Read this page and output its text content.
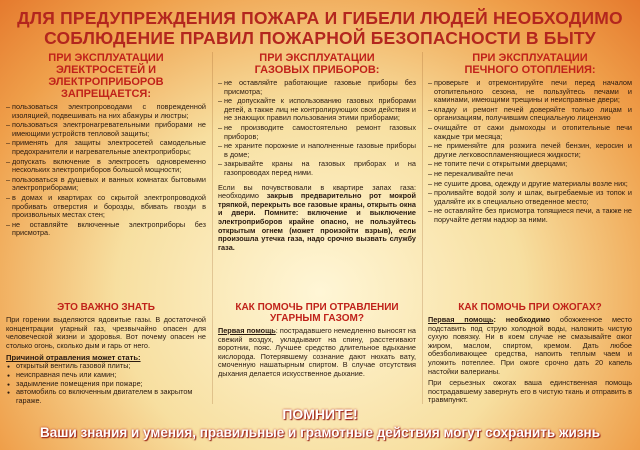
ДЛЯ ПРЕДУПРЕЖДЕНИЯ ПОЖАРА И ГИБЕЛИ ЛЮДЕЙ НЕОБХОДИМО
СОБЛЮДЕНИЕ ПРАВИЛ ПОЖАРНОЙ БЕЗОПАСНОСТИ В БЫТУ
ПРИ ЭКСПЛУАТАЦИИ
ЭЛЕКТРОСЕТЕЙ И
ЭЛЕКТРОПРИБОРОВ
ЗАПРЕЩАЕТСЯ:
– пользоваться электропроводами с поврежденной изоляцией, подвешивать на них абажуры и люстры;
– пользоваться электронагревательными приборами не имеющими устройств тепловой защиты;
– применять для защиты электросетей самодельные предохранители и нагревательные электроприборы;
– допускать включение в электросеть одновременно нескольких электроприборов большой мощности;
– пользоваться в душевых и ванных комнатах бытовыми электроприборами;
– в домах и квартирах со скрытой электропроводкой пробивать отверстия и борозды, вбивать гвозди в произвольных местах стен;
– не оставляйте включенные электроприборы без присмотра.
ПРИ ЭКСПЛУАТАЦИИ
ГАЗОВЫХ ПРИБОРОВ:
– не оставляйте работающие газовые приборы без присмотра;
– не допускайте к использованию газовых приборами детей, а также лиц не контролирующих свои действия и не знающих правил пользования этими приборами;
– не производите самостоятельно ремонт газовых приборов;
– не храните порожние и наполненные газовые приборы в доме;
– закрывайте краны на газовых приборах и на газопроводах перед ними.
Если вы почувствовали в квартире запах газа: необходимо закрыв предварительно рот мокрой тряпкой, перекрыть все газовые краны, открыть окна и двери. Помните: включение и выключение электроприборов крайне опасно, не пользуйтесь открытым огнем (может произойти взрыв), если произошла утечка газа, надо срочно вызвать службу газа.
ПРИ ЭКСПЛУАТАЦИИ
ПЕЧНОГО ОТОПЛЕНИЯ:
– проверьте и отремонтируйте печи перед началом отопительного сезона, не пользуйтесь печами и каминами, имеющими трещины и неисправные двери;
– кладку и ремонт печей доверяйте только лицам и организациям, получившим специальную лицензию
– очищайте от сажи дымоходы и отопительные печи каждые три месяца;
– не применяйте для розжига печей бензин, керосин и другие легковоспламеняющиеся жидкости;
– не топите печи с открытыми дверцами;
– не перекаливайте печи
– не сушите дрова, одежду и другие материалы возле них;
– проливайте водой золу и шлак, выгребаемые из топок и удаляйте их в специально отведенное место;
– не оставляйте без присмотра топящиеся печи, а также не поручайте детям надзор за ними.
ЭТО ВАЖНО ЗНАТЬ
При горении выделяются ядовитые газы. В достаточной концентрации угарный газ, чрезвычайно опасен для человеческой жизни и здоровья. Вот почему опасен не столько огонь, сколько дым и гарь от него.
Причиной отравления может стать:
● открытый вентиль газовой плиты;
● неисправная печь или камин;
● задымление помещения при пожаре;
● автомобиль со включенным двигателем в закрытом гараже.
КАК ПОМОЧЬ ПРИ ОТРАВЛЕНИИ
УГАРНЫМ ГАЗОМ?
Первая помощь: пострадавшего немедленно выносят на свежий воздух, укладывают на спину, расстегивают воротник, пояс. Лучшее средство длительное вдыхание кислорода. Потерявшему сознание дают нюхать вату, смоченную нашатырным спиртом. В случае отсутствия дыхания делается искусственное дыхание.
КАК ПОМОЧЬ ПРИ ОЖОГАХ?
Первая помощь: необходимо обожженное место подставить под струю холодной воды, наложить чистую сухую повязку. Ни в коем случае не смазывайте ожог жиром, маслом, спиртом, кремом. Дать любое обезболивающее средства, напоить теплым чаем и уложить потеплее. При ожоге срочно дать 20 капель настойки валерианы.
При серьезных ожогах ваша единственная помощь пострадавшему завернуть его в чистую ткань и отправить в травмпункт.
ПОМНИТЕ!
Ваши знания и умения, правильные и грамотные действия могут сохранить жизнь
